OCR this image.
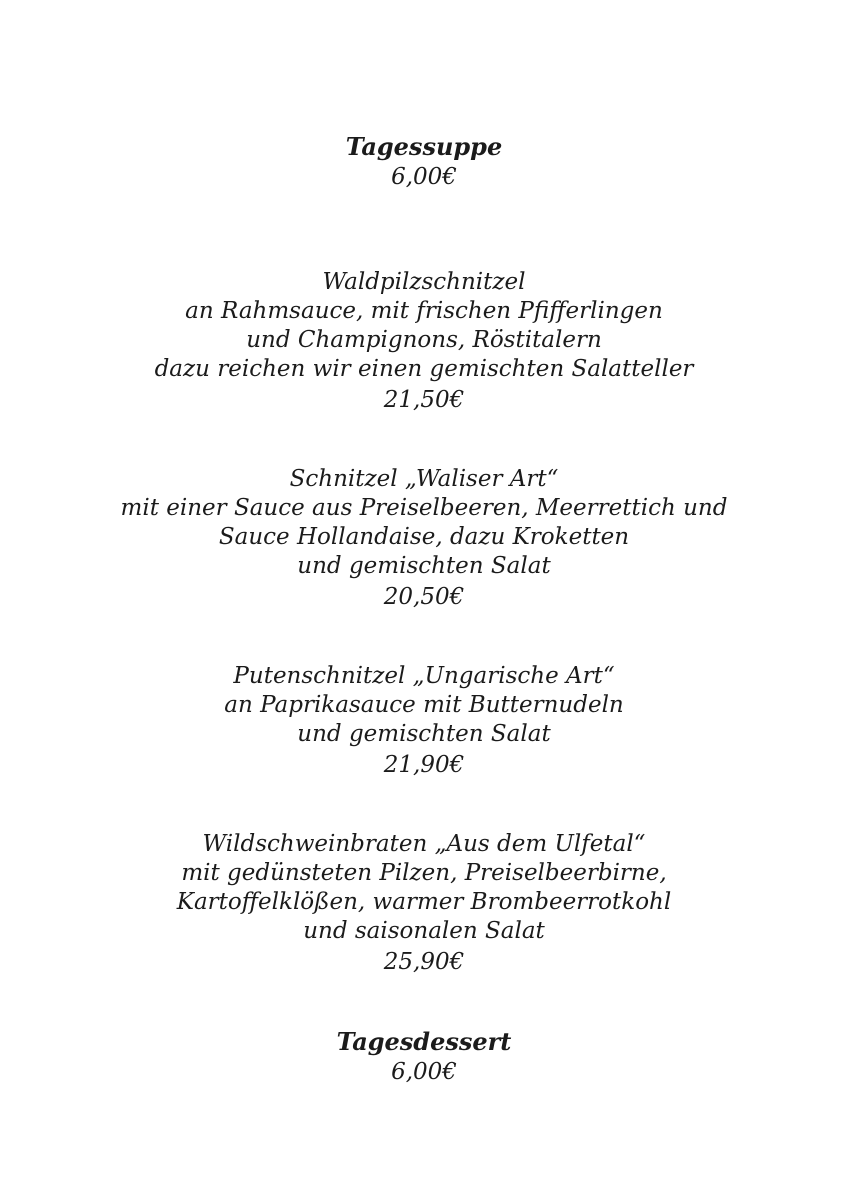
Tagessuppe
6,00€
Waldpilzschnitzel
an Rahmsauce, mit frischen Pfifferlingen
und Champignons, Röstitalern
dazu reichen wir einen gemischten Salatteller
21,50€
Schnitzel „Waliser Art“
mit einer Sauce aus Preiselbeeren, Meerrettich und
Sauce Hollandaise, dazu Kroketten
und gemischten Salat
20,50€
Putenschnitzel „Ungarische Art“
an Paprikasauce mit Butternudeln
und gemischten Salat
21,90€
Wildschweinbraten „Aus dem Ulfetal“
mit gedünsteten Pilzen, Preiselbeerbirne,
Kartoffelklößen, warmer Brombeerrotkohl
und saisonalen Salat
25,90€
Tagesdessert
6,00€
